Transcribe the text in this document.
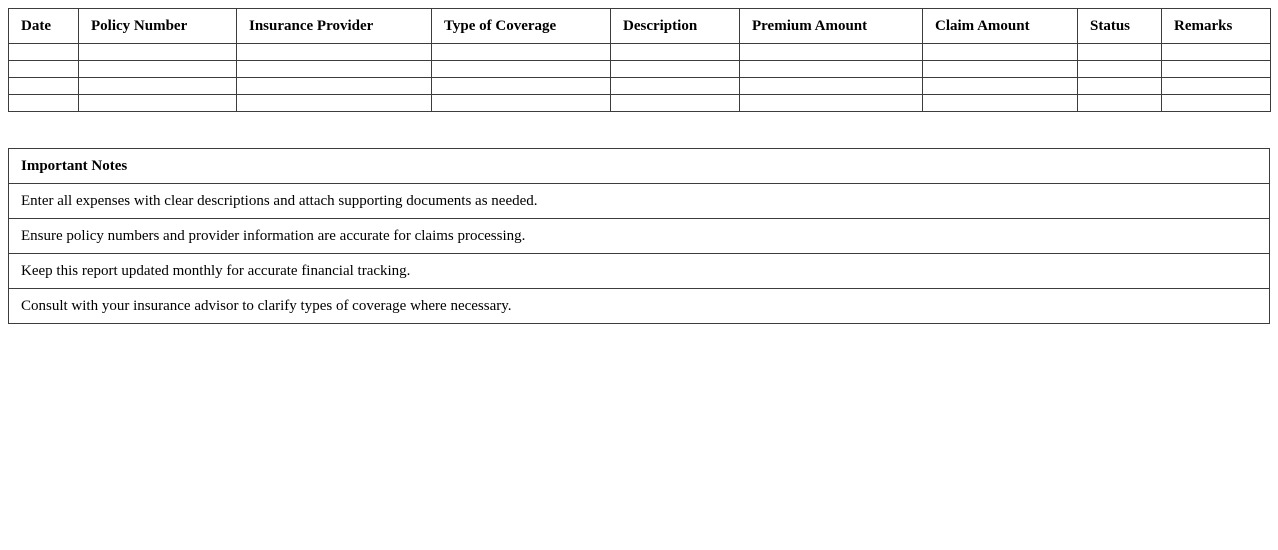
Date	Policy Number	Insurance Provider	Type of Coverage	Description	Premium Amount	Claim Amount	Status	Remarks

Important Notes
Enter all expenses with clear descriptions and attach supporting documents as needed.
Ensure policy numbers and provider information are accurate for claims processing.
Keep this report updated monthly for accurate financial tracking.
Consult with your insurance advisor to clarify types of coverage where necessary.
